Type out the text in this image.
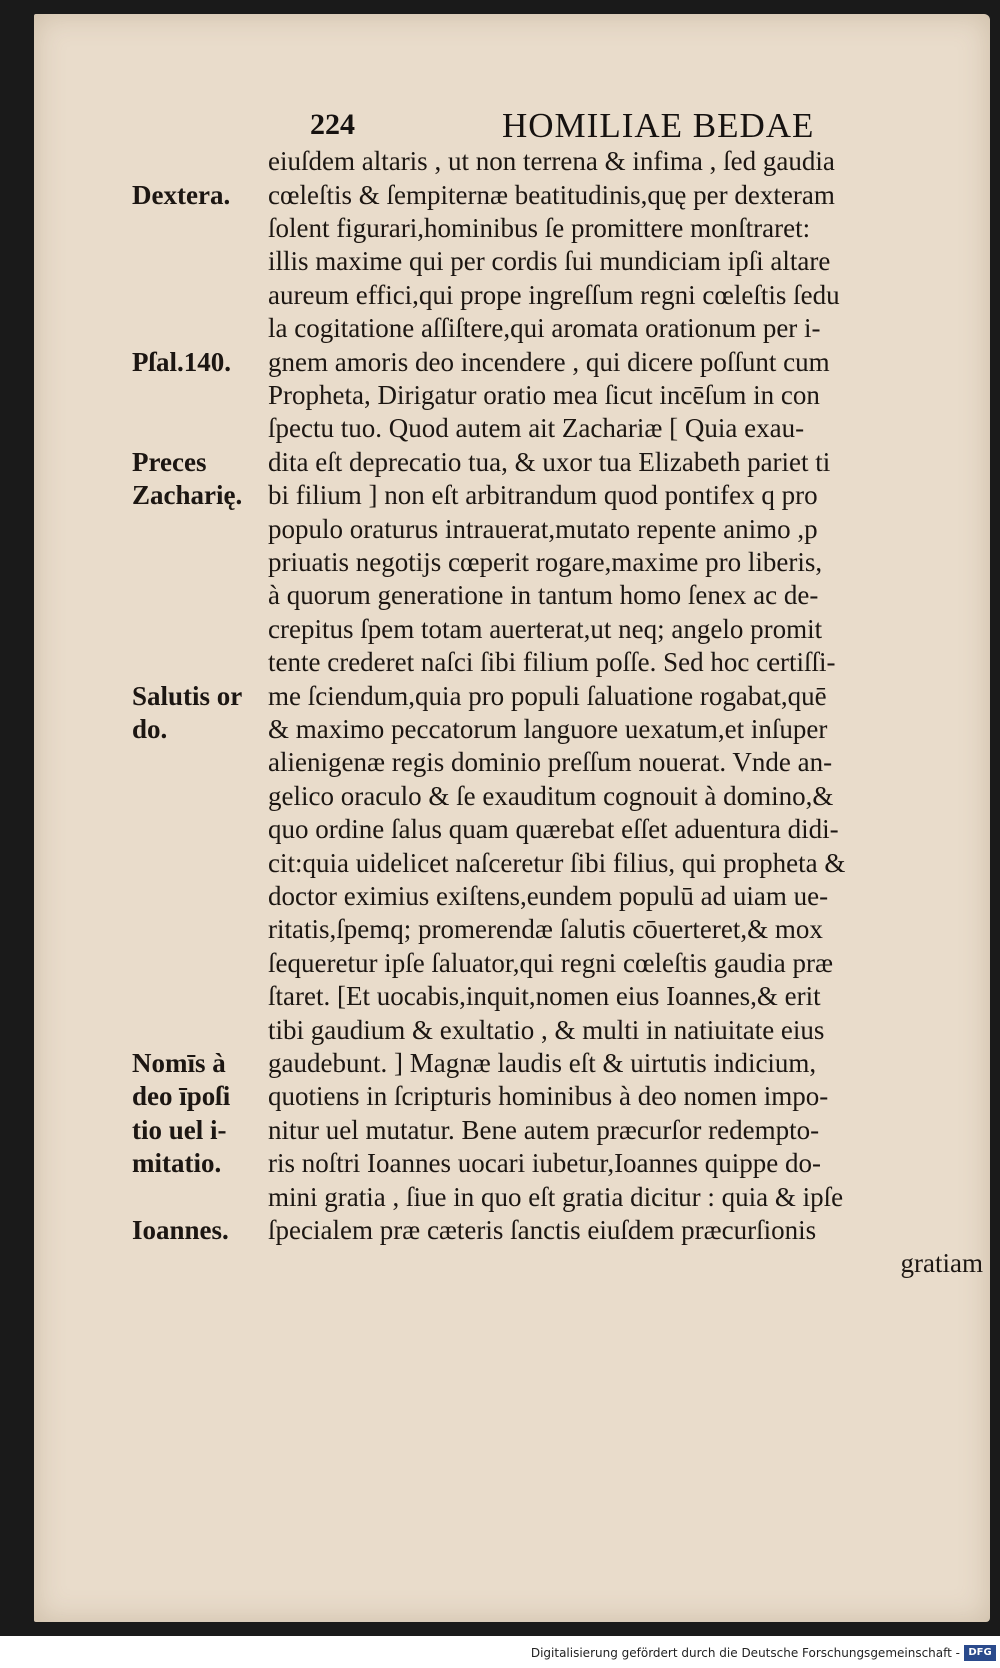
224	HOMILIAE BEDAE
eiuſdem altaris , ut non terrena & infima , ſed gaudia
Dextera.	cœleſtis & ſempiternæ beatitudinis,quę per dexteram
ſolent figurari,hominibus ſe promittere monſtraret:
illis maxime qui per cordis ſui mundiciam ipſi altare
aureum effici,qui prope ingreſſum regni cœleſtis ſedu
la cogitatione aſſiſtere,qui aromata orationum per i-
Pſal.140.	gnem amoris deo incendere , qui dicere poſſunt cum
Propheta, Dirigatur oratio mea ſicut incēſum in con
ſpectu tuo. Quod autem ait Zachariæ [ Quia exau-
Preces	dita eſt deprecatio tua, & uxor tua Elizabeth pariet ti
Zacharię. bi filium ] non eſt arbitrandum quod pontifex q pro
populo oraturus intrauerat,mutato repente animo ,p
priuatis negotijs cœperit rogare,maxime pro liberis,
à quorum generatione in tantum homo ſenex ac de-
crepitus ſpem totam auerterat,ut neq; angelo promit
tente crederet naſci ſibi filium poſſe. Sed hoc certiſſi-
Salutis or me ſciendum,quia pro populi ſaluatione rogabat,quē
do.	& maximo peccatorum languore uexatum,et inſuper
alienigenæ regis dominio preſſum nouerat. Vnde an-
gelico oraculo & ſe exauditum cognouit à domino,&
quo ordine ſalus quam quærebat eſſet aduentura didi-
cit:quia uidelicet naſceretur ſibi filius, qui propheta &
doctor eximius exiſtens,eundem populū ad uiam ue-
ritatis,ſpemq; promerendæ ſalutis cōuerteret,& mox
ſequeretur ipſe ſaluator,qui regni cœleſtis gaudia præ
ſtaret. [Et uocabis,inquit,nomen eius Ioannes,& erit
tibi gaudium & exultatio , & multi in natiuitate eius
Nomīs à	gaudebunt. ] Magnæ laudis eſt & uirtutis indicium,
deo īpoſi	quotiens in ſcripturis hominibus à deo nomen impo-
tio uel i-	nitur uel mutatur. Bene autem præcurſor redempto-
mitatio.	ris noſtri Ioannes uocari iubetur,Ioannes quippe do-
mini gratia , ſiue in quo eſt gratia dicitur : quia & ipſe
Ioannes.	ſpecialem præ cæteris ſanctis eiuſdem præcurſionis
gratiam
Digitalisierung gefördert durch die Deutsche Forschungsgemeinschaft - DFG
